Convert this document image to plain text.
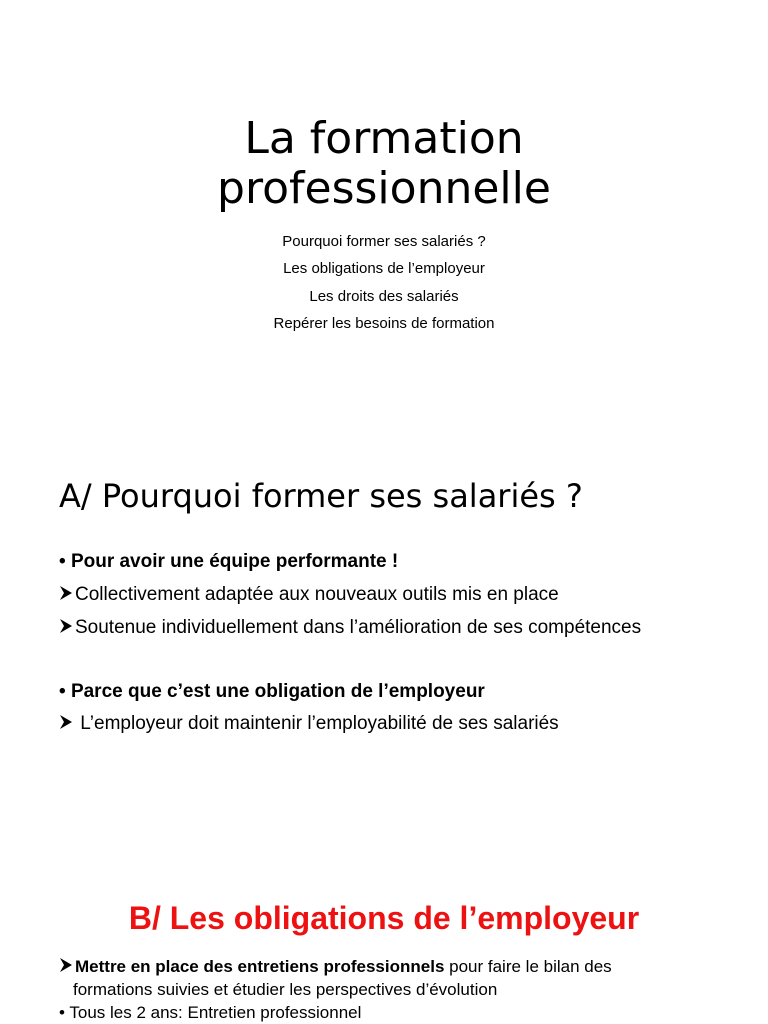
La formation
professionnelle
Pourquoi former ses salariés ?
Les obligations de l’employeur
Les droits des salariés
Repérer les besoins de formation
A/ Pourquoi former ses salariés ?
• Pour avoir une équipe performante !
Collectivement adaptée aux nouveaux outils mis en place
Soutenue individuellement dans l’amélioration de ses compétences
• Parce que c’est une obligation de l’employeur
L’employeur doit maintenir l’employabilité de ses salariés
B/ Les obligations de l’employeur
Mettre en place des entretiens professionnels pour faire le bilan des
formations suivies et étudier les perspectives d’évolution
• Tous les 2 ans: Entretien professionnel
